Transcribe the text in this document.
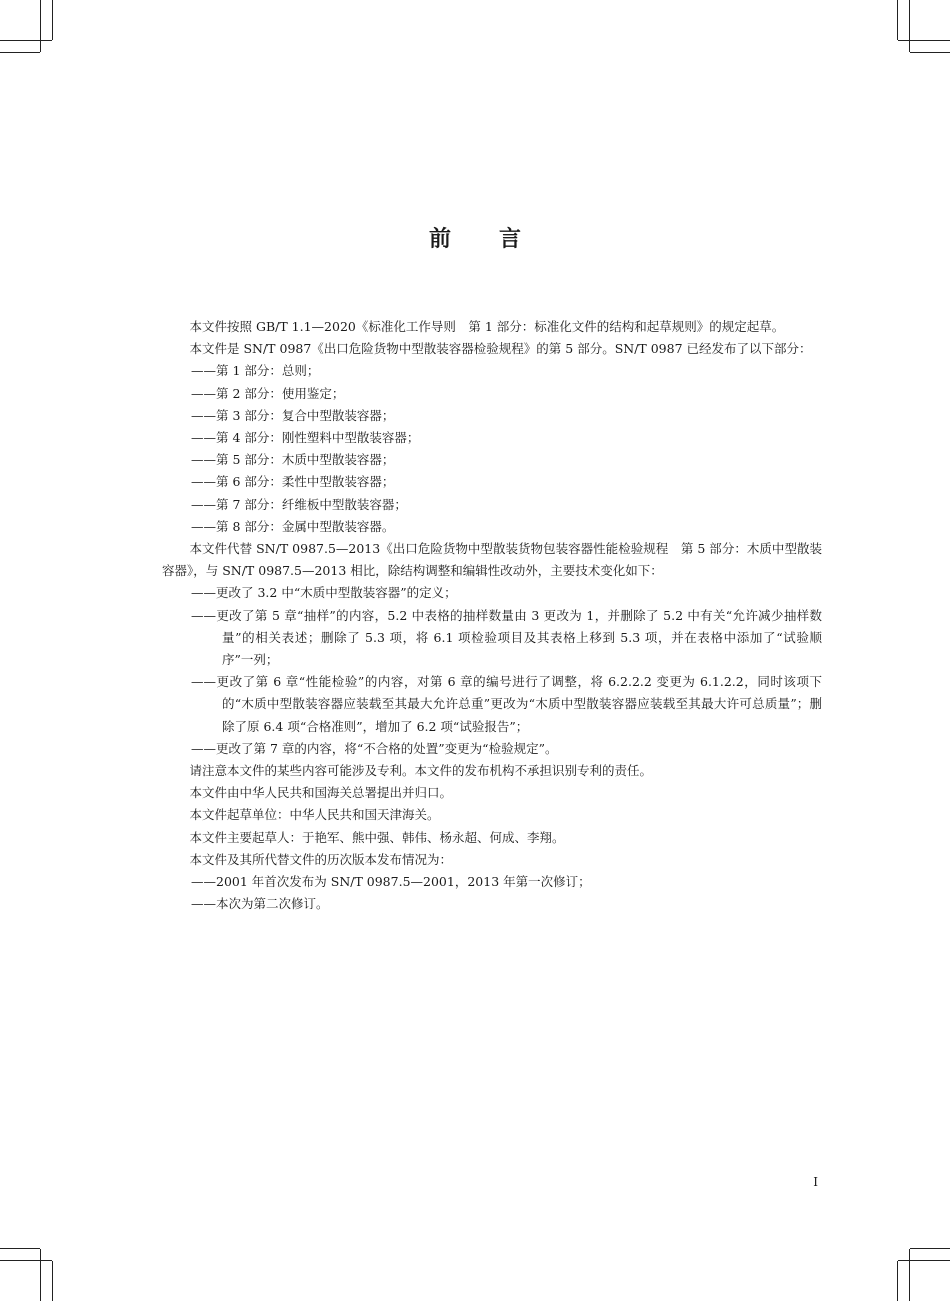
前 言

本文件按照 GB/T 1.1—2020《标准化工作导则　第 1 部分：标准化文件的结构和起草规则》的规定起草。

本文件是 SN/T 0987《出口危险货物中型散装容器检验规程》的第 5 部分。SN/T 0987 已经发布了以下部分：

——第 1 部分：总则；

——第 2 部分：使用鉴定；

——第 3 部分：复合中型散装容器；

——第 4 部分：刚性塑料中型散装容器；

——第 5 部分：木质中型散装容器；

——第 6 部分：柔性中型散装容器；

——第 7 部分：纤维板中型散装容器；

——第 8 部分：金属中型散装容器。

本文件代替 SN/T 0987.5—2013《出口危险货物中型散装货物包装容器性能检验规程　第 5 部分：木质中型散装容器》，与 SN/T 0987.5—2013 相比，除结构调整和编辑性改动外，主要技术变化如下：

——更改了 3.2 中“木质中型散装容器”的定义；

——更改了第 5 章“抽样”的内容，5.2 中表格的抽样数量由 3 更改为 1，并删除了 5.2 中有关“允许减少抽样数量”的相关表述；删除了 5.3 项，将 6.1 项检验项目及其表格上移到 5.3 项，并在表格中添加了“试验顺序”一列；

——更改了第 6 章“性能检验”的内容，对第 6 章的编号进行了调整，将 6.2.2.2 变更为 6.1.2.2，同时该项下的“木质中型散装容器应装载至其最大允许总重”更改为“木质中型散装容器应装载至其最大许可总质量”；删除了原 6.4 项“合格准则”，增加了 6.2 项“试验报告”；

——更改了第 7 章的内容，将“不合格的处置”变更为“检验规定”。

请注意本文件的某些内容可能涉及专利。本文件的发布机构不承担识别专利的责任。

本文件由中华人民共和国海关总署提出并归口。

本文件起草单位：中华人民共和国天津海关。

本文件主要起草人：于艳军、熊中强、韩伟、杨永超、何成、李翔。

本文件及其所代替文件的历次版本发布情况为：

——2001 年首次发布为 SN/T 0987.5—2001，2013 年第一次修订；

——本次为第二次修订。

I
